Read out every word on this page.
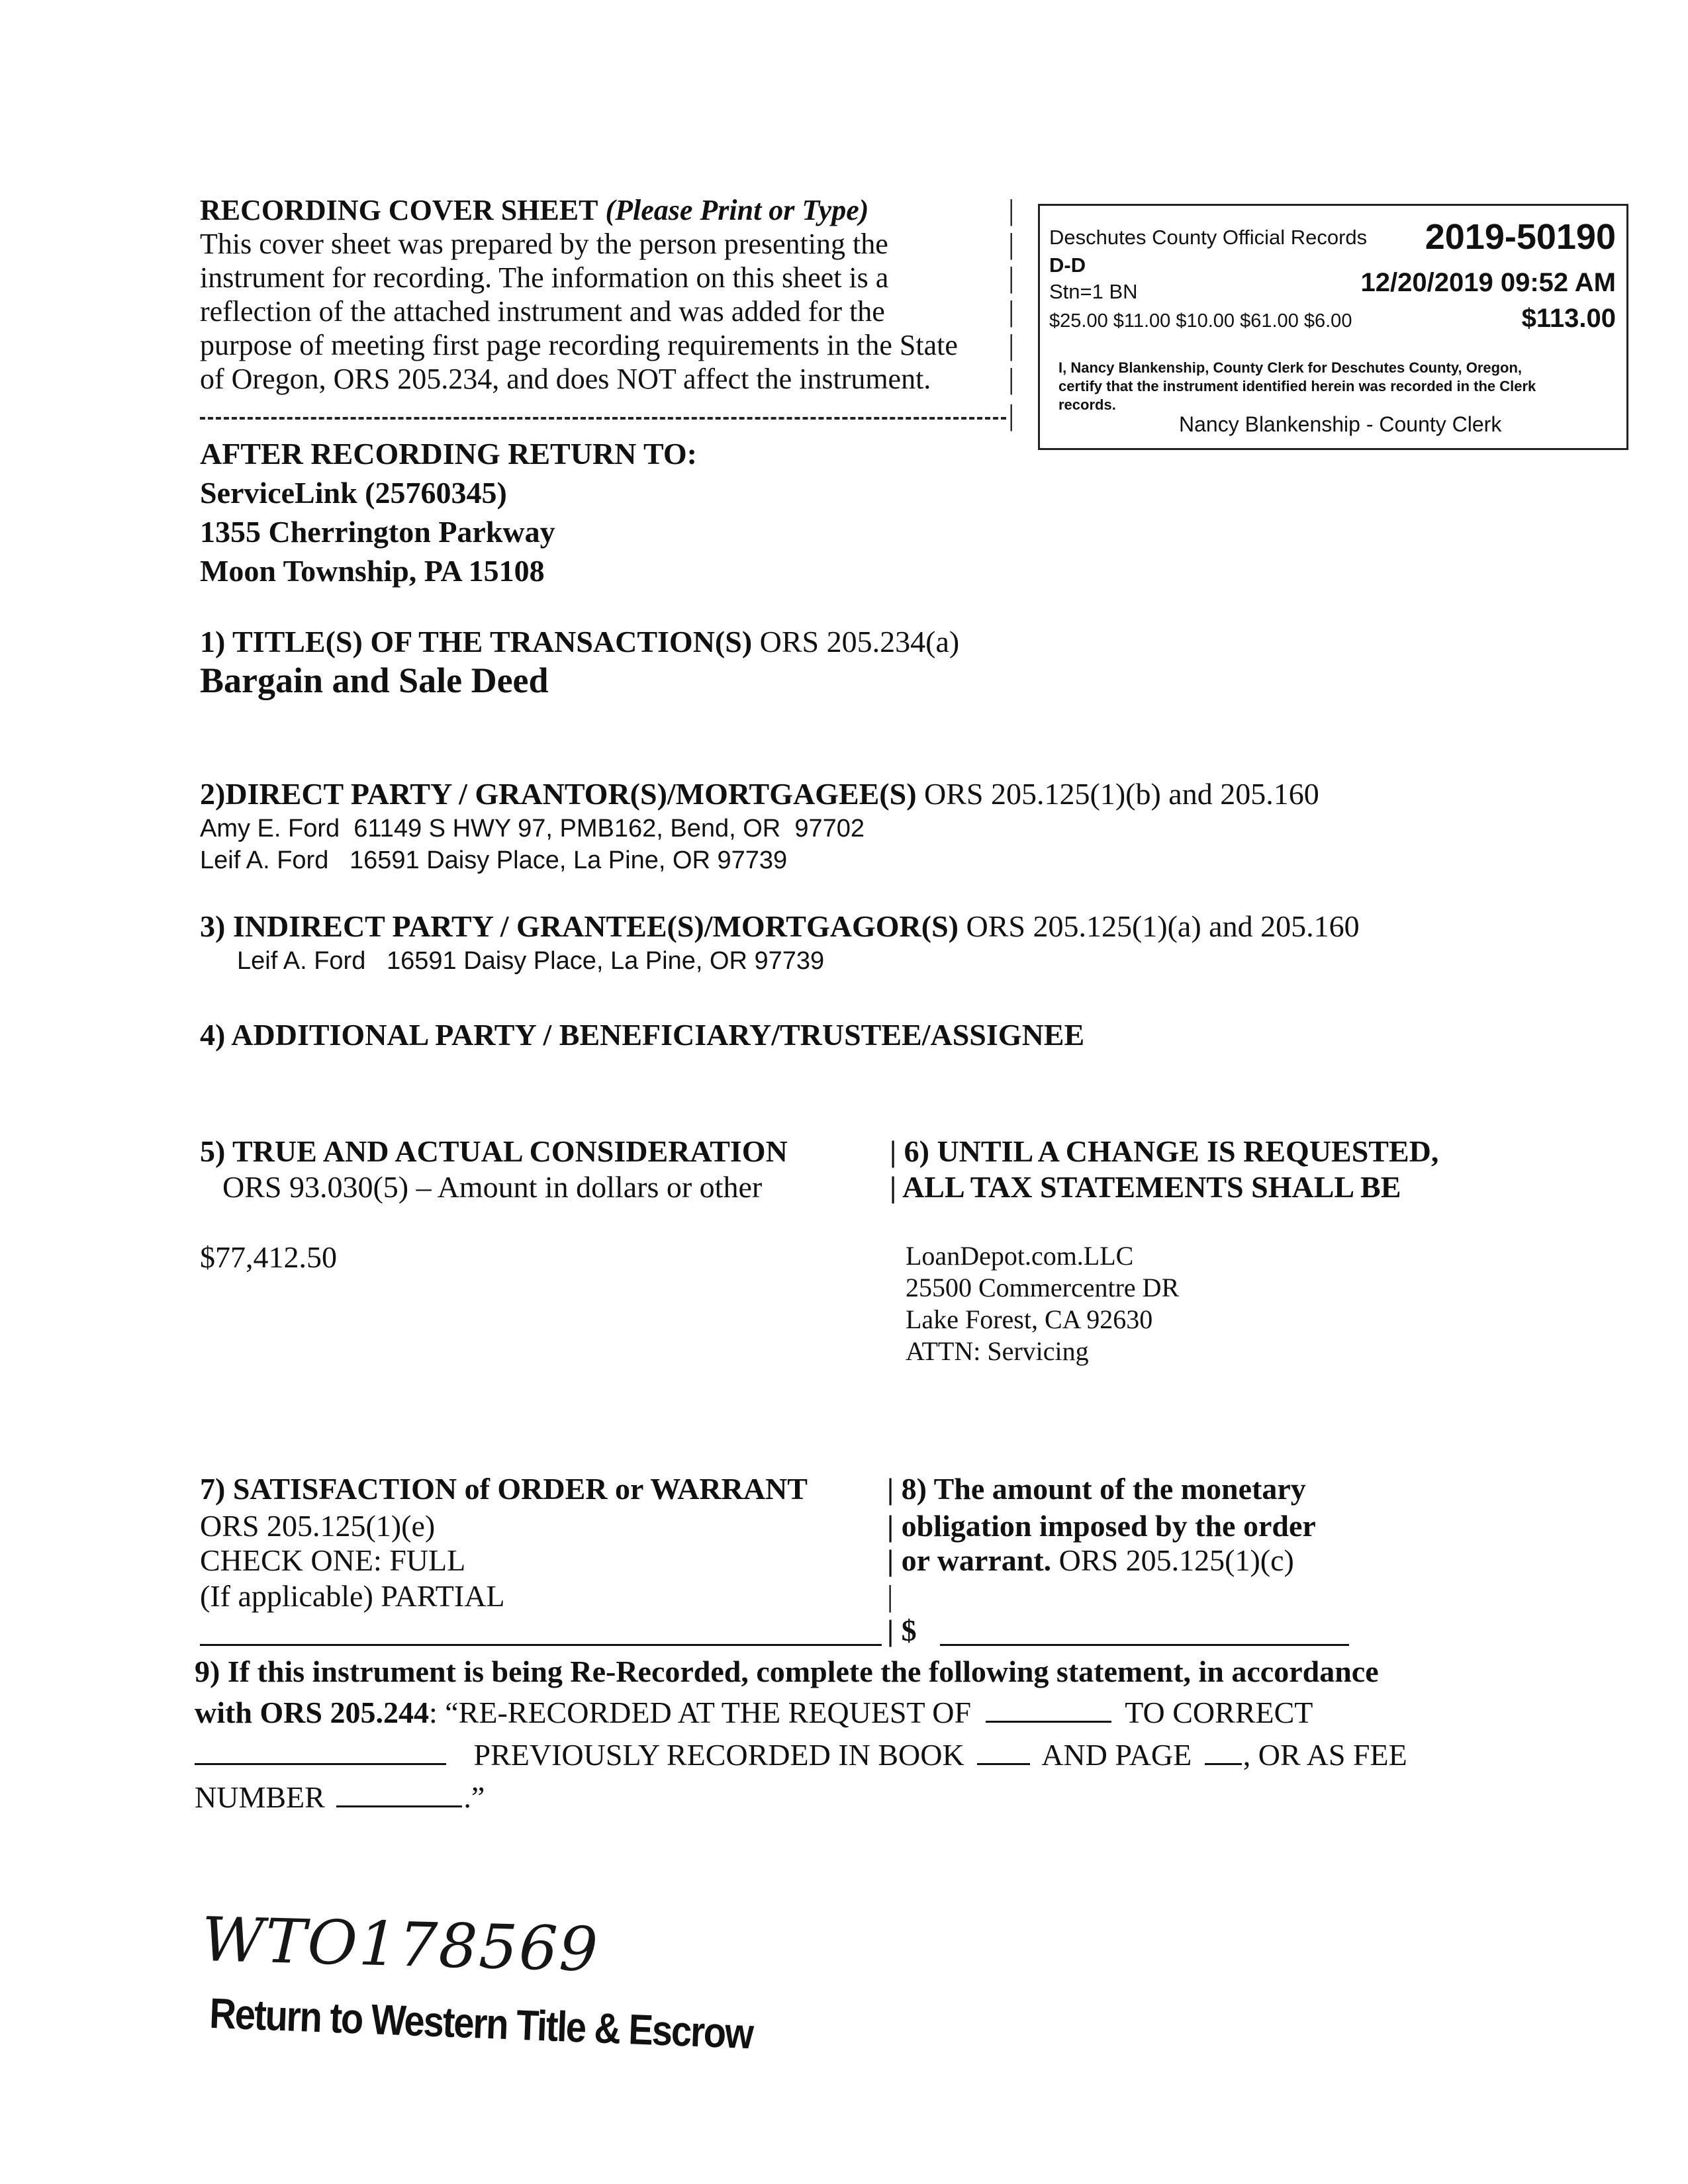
RECORDING COVER SHEET (Please Print or Type)	|
This cover sheet was prepared by the person presenting the	|
instrument for recording. The information on this sheet is a	|
reflection of the attached instrument and was added for the	|
purpose of meeting first page recording requirements in the State |
of Oregon, ORS 205.234, and does NOT affect the instrument.	|
|
Deschutes County Official Records 2019-50190
D-D
Stn=1 BN	12/20/2019 09:52 AM
$25.00 $11.00 $10.00 $61.00 $6.00	$113.00
I, Nancy Blankenship, County Clerk for Deschutes County, Oregon,
certify that the instrument identified herein was recorded in the Clerk
records.
Nancy Blankenship - County Clerk
AFTER RECORDING RETURN TO:
ServiceLink (25760345)
1355 Cherrington Parkway
Moon Township, PA 15108
1) TITLE(S) OF THE TRANSACTION(S) ORS 205.234(a)
Bargain and Sale Deed
2)DIRECT PARTY / GRANTOR(S)/MORTGAGEE(S) ORS 205.125(1)(b) and 205.160
Amy E. Ford  61149 S HWY 97, PMB162, Bend, OR  97702
Leif A. Ford   16591 Daisy Place, La Pine, OR 97739
3) INDIRECT PARTY / GRANTEE(S)/MORTGAGOR(S) ORS 205.125(1)(a) and 205.160
Leif A. Ford   16591 Daisy Place, La Pine, OR 97739
4) ADDITIONAL PARTY / BENEFICIARY/TRUSTEE/ASSIGNEE
5) TRUE AND ACTUAL CONSIDERATION
ORS 93.030(5) – Amount in dollars or other
$77,412.50
| 6) UNTIL A CHANGE IS REQUESTED,
| ALL TAX STATEMENTS SHALL BE
LoanDepot.com.LLC
25500 Commercentre DR
Lake Forest, CA 92630
ATTN: Servicing
7) SATISFACTION of ORDER or WARRANT
ORS 205.125(1)(e)
CHECK ONE: FULL
(If applicable) PARTIAL
| 8) The amount of the monetary
| obligation imposed by the order
| or warrant. ORS 205.125(1)(c)
|
| $
9) If this instrument is being Re-Recorded, complete the following statement, in accordance
with ORS 205.244: “RE-RECORDED AT THE REQUEST OF	TO CORRECT
PREVIOUSLY RECORDED IN BOOK	AND PAGE , OR AS FEE
NUMBER	.”
WTO178569
Return to Western Title & Escrow
